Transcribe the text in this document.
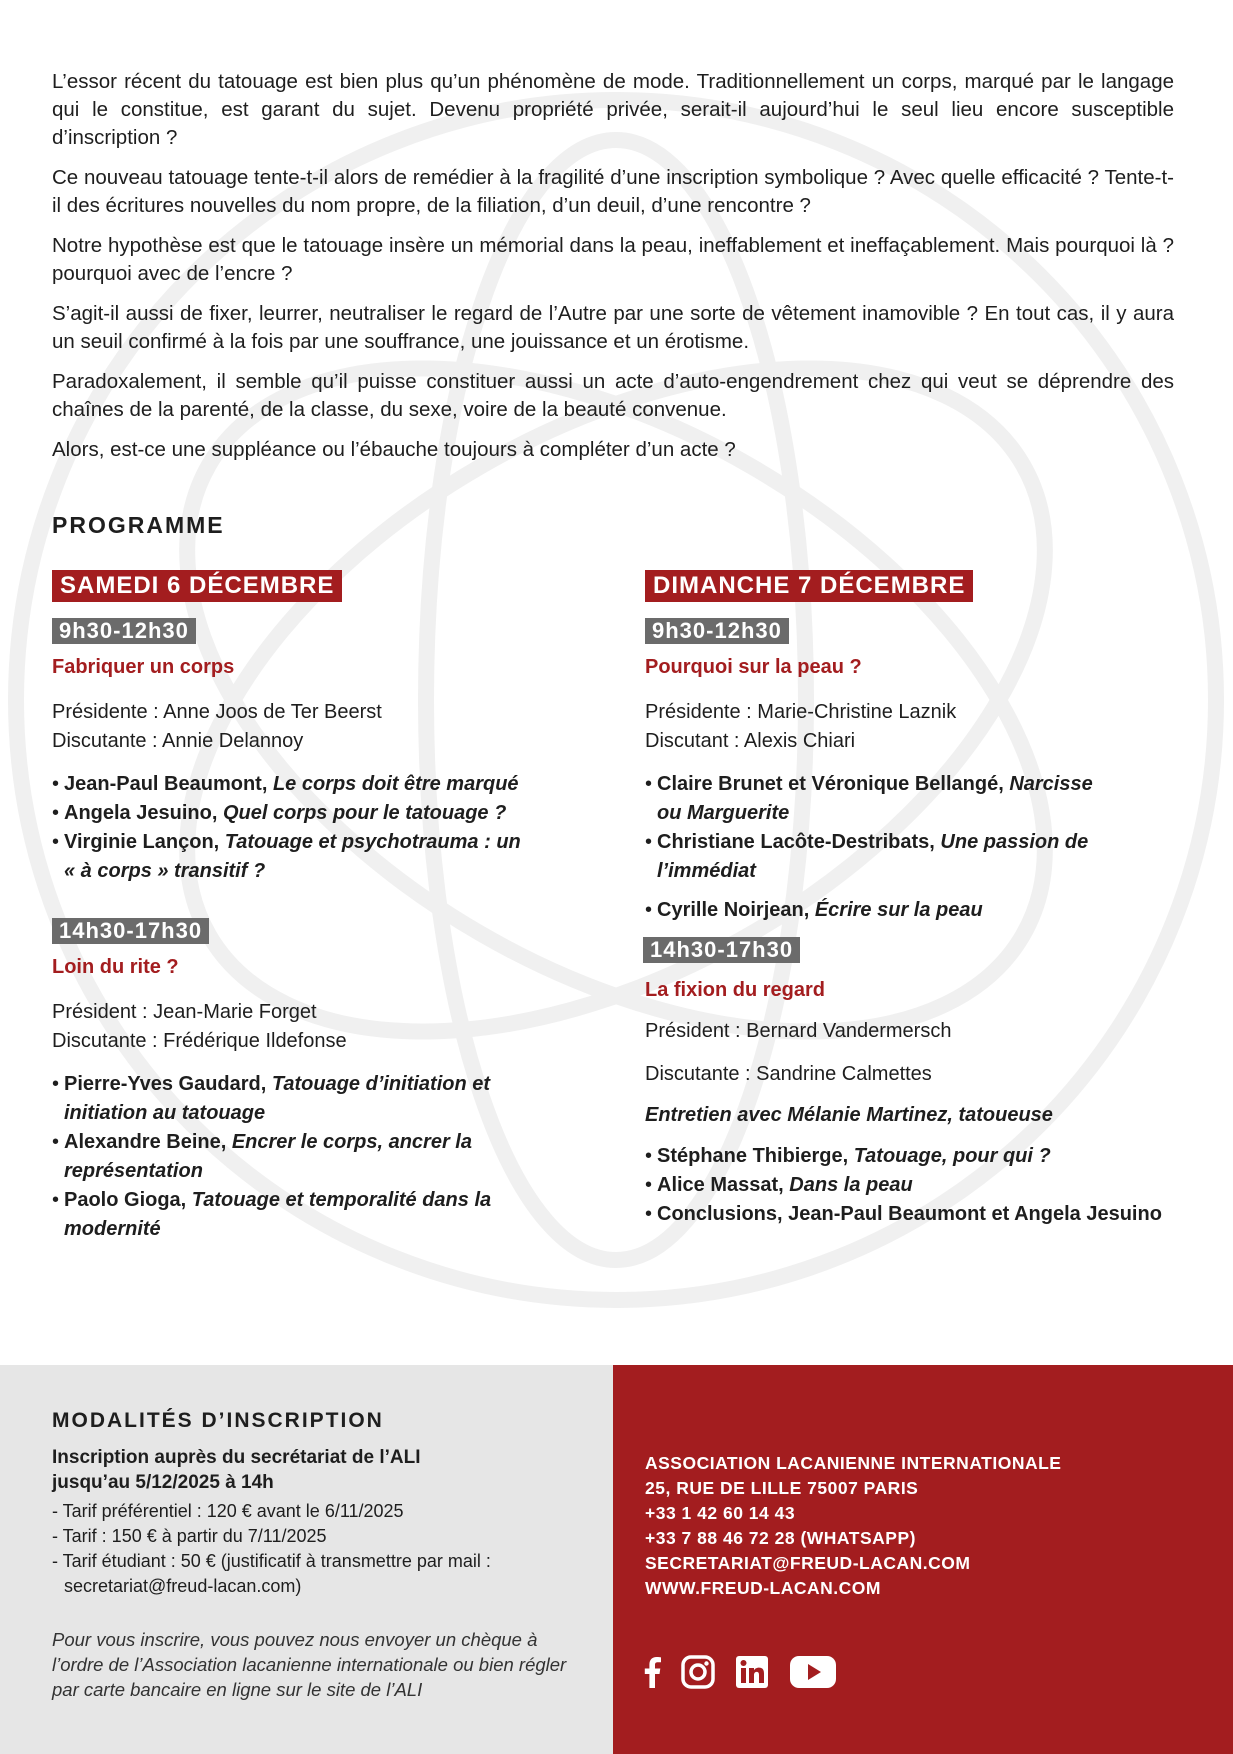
L’essor récent du tatouage est bien plus qu’un phénomène de mode. Traditionnellement un corps, marqué par le langage qui le constitue, est garant du sujet. Devenu propriété privée, serait-il aujourd’hui le seul lieu encore susceptible d’inscription ?

Ce nouveau tatouage tente-t-il alors de remédier à la fragilité d’une inscription symbolique ? Avec quelle efficacité ? Tente-t-il des écritures nouvelles du nom propre, de la filiation, d’un deuil, d’une rencontre ?

Notre hypothèse est que le tatouage insère un mémorial dans la peau, ineffablement et ineffaçablement. Mais pourquoi là ? pourquoi avec de l’encre ?

S’agit-il aussi de fixer, leurrer, neutraliser le regard de l’Autre par une sorte de vêtement inamovible ? En tout cas, il y aura un seuil confirmé à la fois par une souffrance, une jouissance et un érotisme.

Paradoxalement, il semble qu’il puisse constituer aussi un acte d’auto-engendrement chez qui veut se déprendre des chaînes de la parenté, de la classe, du sexe, voire de la beauté convenue.

Alors, est-ce une suppléance ou l’ébauche toujours à compléter d’un acte ?

PROGRAMME
SAMEDI 6 DÉCEMBRE
9h30-12h30
Fabriquer un corps
Présidente : Anne Joos de Ter Beerst
Discutante : Annie Delannoy
• Jean-Paul Beaumont, Le corps doit être marqué
• Angela Jesuino, Quel corps pour le tatouage ?
• Virginie Lançon, Tatouage et psychotrauma : un « à corps » transitif ?
14h30-17h30
Loin du rite ?
Président : Jean-Marie Forget
Discutante : Frédérique Ildefonse
• Pierre-Yves Gaudard, Tatouage d’initiation et initiation au tatouage
• Alexandre Beine, Encrer le corps, ancrer la représentation
• Paolo Gioga, Tatouage et temporalité dans la modernité
DIMANCHE 7 DÉCEMBRE
9h30-12h30
Pourquoi sur la peau ?
Présidente : Marie-Christine Laznik
Discutant : Alexis Chiari
• Claire Brunet et Véronique Bellangé, Narcisse ou Marguerite
• Christiane Lacôte-Destribats, Une passion de l’immédiat
• Cyrille Noirjean, Écrire sur la peau
14h30-17h30
La fixion du regard
Président : Bernard Vandermersch
Discutante : Sandrine Calmettes
Entretien avec Mélanie Martinez, tatoueuse
• Stéphane Thibierge, Tatouage, pour qui ?
• Alice Massat, Dans la peau
• Conclusions, Jean-Paul Beaumont et Angela Jesuino
MODALITÉS D’INSCRIPTION
Inscription auprès du secrétariat de l’ALI
jusqu’au 5/12/2025 à 14h
- Tarif préférentiel : 120 € avant le 6/11/2025
- Tarif : 150 € à partir du 7/11/2025
- Tarif étudiant : 50 € (justificatif à transmettre par mail :
secretariat@freud-lacan.com)
Pour vous inscrire, vous pouvez nous envoyer un chèque à l’ordre de l’Association lacanienne internationale ou bien régler par carte bancaire en ligne sur le site de l’ALI
ASSOCIATION LACANIENNE INTERNATIONALE
25, RUE DE LILLE 75007 PARIS
+33 1 42 60 14 43
+33 7 88 46 72 28 (WHATSAPP)
SECRETARIAT@FREUD-LACAN.COM
WWW.FREUD-LACAN.COM
